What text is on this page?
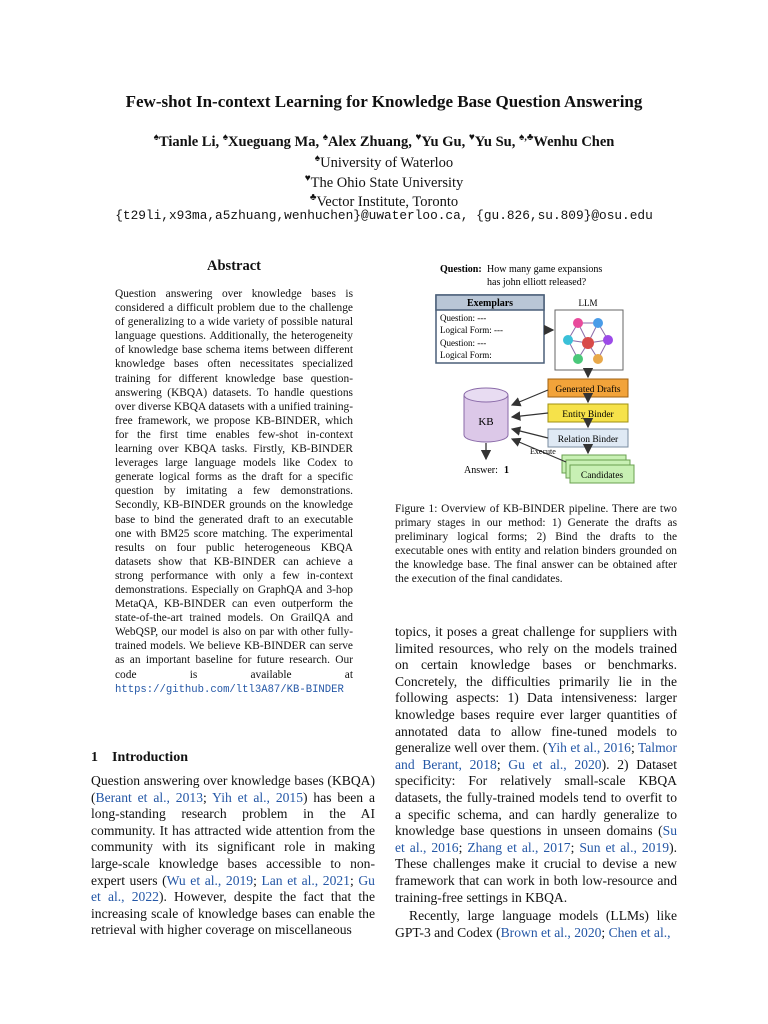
Few-shot In-context Learning for Knowledge Base Question Answering
♠Tianle Li, ♠Xueguang Ma, ♠Alex Zhuang, ♥Yu Gu, ♥Yu Su, ♠,♣Wenhu Chen
♠University of Waterloo
♥The Ohio State University
♣Vector Institute, Toronto
{t29li,x93ma,a5zhuang,wenhuchen}@uwaterloo.ca, {gu.826,su.809}@osu.edu
Abstract
Question answering over knowledge bases is considered a difficult problem due to the challenge of generalizing to a wide variety of possible natural language questions. Additionally, the heterogeneity of knowledge base schema items between different knowledge bases often necessitates specialized training for different knowledge base question-answering (KBQA) datasets. To handle questions over diverse KBQA datasets with a unified training-free framework, we propose KB-BINDER, which for the first time enables few-shot in-context learning over KBQA tasks. Firstly, KB-BINDER leverages large language models like Codex to generate logical forms as the draft for a specific question by imitating a few demonstrations. Secondly, KB-BINDER grounds on the knowledge base to bind the generated draft to an executable one with BM25 score matching. The experimental results on four public heterogeneous KBQA datasets show that KB-BINDER can achieve a strong performance with only a few in-context demonstrations. Especially on GraphQA and 3-hop MetaQA, KB-BINDER can even outperform the state-of-the-art trained models. On GrailQA and WebQSP, our model is also on par with other fully-trained models. We believe KB-BINDER can serve as an important baseline for future research. Our code is available at https://github.com/ltl3A87/KB-BINDER
Question: How many game expansions
has john elliott released?
Exemplars
Question: ---
Logical Form: ---
Question: ---
Logical Form:
LLM
Generated Drafts
Entity Binder
Relation Binder
Candidates
KB
Execute
Answer: 1
Figure 1: Overview of KB-BINDER pipeline. There are two primary stages in our method: 1) Generate the drafts as preliminary logical forms; 2) Bind the drafts to the executable ones with entity and relation binders grounded on the knowledge base. The final answer can be obtained after the execution of the final candidates.
1 Introduction
Question answering over knowledge bases (KBQA) (Berant et al., 2013; Yih et al., 2015) has been a long-standing research problem in the AI community. It has attracted wide attention from the community with its significant role in making large-scale knowledge bases accessible to non-expert users (Wu et al., 2019; Lan et al., 2021; Gu et al., 2022). However, despite the fact that the increasing scale of knowledge bases can enable the retrieval with higher coverage on miscellaneous

topics, it poses a great challenge for suppliers with limited resources, who rely on the models trained on certain knowledge bases or benchmarks. Concretely, the difficulties primarily lie in the following aspects: 1) Data intensiveness: larger knowledge bases require ever larger quantities of annotated data to allow fine-tuned models to generalize well over them. (Yih et al., 2016; Talmor and Berant, 2018; Gu et al., 2020). 2) Dataset specificity: For relatively small-scale KBQA datasets, the fully-trained models tend to overfit to a specific schema, and can hardly generalize to knowledge base questions in unseen domains (Su et al., 2016; Zhang et al., 2017; Sun et al., 2019). These challenges make it crucial to devise a new framework that can work in both low-resource and training-free settings in KBQA.

Recently, large language models (LLMs) like GPT-3 and Codex (Brown et al., 2020; Chen et al.,
